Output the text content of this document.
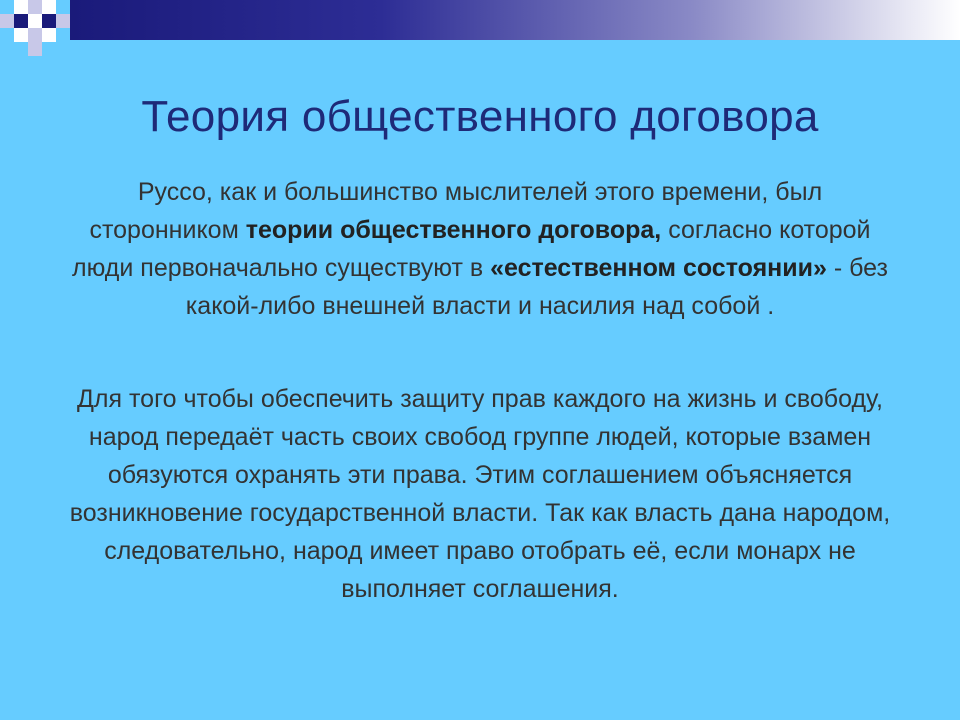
Теория общественного договора

Руссо, как и большинство мыслителей этого времени, был сторонником теории общественного договора, согласно которой люди первоначально существуют в «естественном состоянии» - без какой-либо внешней власти и насилия над собой .

Для того чтобы обеспечить защиту прав каждого на жизнь и свободу, народ передаёт часть своих свобод группе людей, которые взамен обязуются охранять эти права. Этим соглашением объясняется возникновение государственной власти. Так как власть дана народом, следовательно, народ имеет право отобрать её, если монарх не выполняет соглашения.
